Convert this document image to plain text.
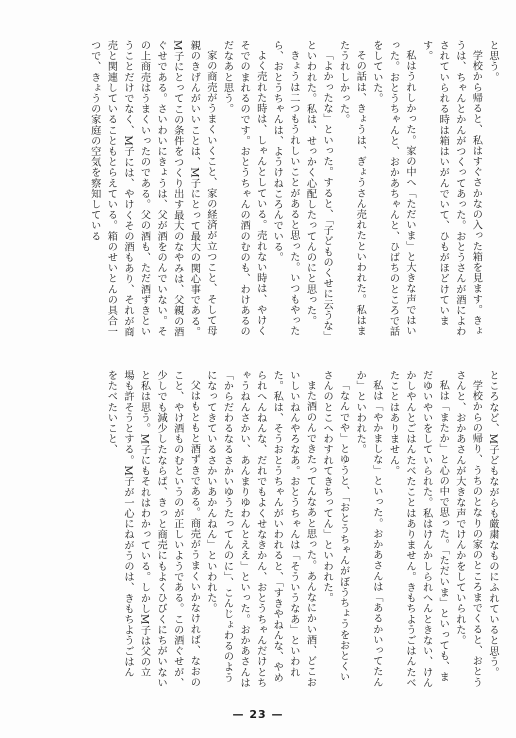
と思う。

学校から帰ると、私はすぐさかなの入った箱を見ます。きょうは、ちゃんとかんがつくってあった。おとうさんが酒によわされていられる時は箱はいがんでいて、ひもがほどけています。

私はうれしかった。家の中へ「ただいま」と大きな声ではいった。おとうちゃんと、おかあちゃんと、ひばちのところで話をしていた。

その話は、きょうは、ぎょうさん売れたといわれた。私はまたうれしかった。

「よかったな」といった。すると、「子どものくせに云うな」といわれた。私は、せっかく心配したってんのにと思った。

きょうは二つもうれしいことがあると思った。いつもやったら、おとうちゃんは、ようけねころんでいる。

よく売れた時は、しゃんとしている。売れない時は、やけくそでのまれるのです。おとうちゃんの酒のむのも、わけあるのだなあと思う。

家の商売がうまくいくこと、家の経済が立つこと、そして母親のきげんがいいことは、M子にとって最大の関心事である。M子にとってこの条件をつくり出す最大のなやみは、父親の酒ぐせである。さいわいにきょうは、父が酒をのんでいない。その上商売はうまくいったのである。父の酒も、ただ酒ずきということだけでなく、M子には、やけくその酒もあり、それが商売と関連していることもとらえている。箱のせいとんの具合一つで、きょうの家庭の空気を察知している

ところなど、M子どもながらも厳粛なものにふれていると思う。

学校からの帰り、うちのとなりの家のところまでくると、おとうさんと、おかあさんが大きな声でけんかをしていられた。

私は「またか」と心の中で思った。「ただいま」といっても、まだゆいやいをしていられた。私はけんかしられへんときない、けんかしやんとごはんたべたことはありません。きもちようごはんたべたことはありません。

私は「やかましな」といった。おかあさんは「あるかいってたんか」といわれた。

「なんでや」とゆうと、「おとうちゃんがぼうちょうをおとくいさんのとこへわすれてきちってん」といわれた。

また酒のんできたってんなあと思った。あんなにかい酒、どこおいしいねんやろなあ。おとうちゃんは「そういうなあ」といわれた。私は、そうおとうちゃんがいわれると、「すきやねんな、やめられへんねんな、だれでもよくせなきかん、おとうちゃんだけとちゃうねんさかい、あんまりゆわんとええ」といった。おかあさんは「からだわるなるさかいゆうたってんのに」、こんじょわるのようになってきているさかいあかんねん」といわれた。

父はもともと酒ずきである。商売がうまくいかなければ、なおのこと、やけ酒ものむというのが正しいようである。この酒ぐせが、少しでも減少したならば、きっと商売にもよくひびくにちがいないと私は思う。M子にもそれはわかっている。しかしM子は父の立場も許そうとする。M子が一心にねがうのは、きもちようごはんをたべたいこと、

— 23 —
